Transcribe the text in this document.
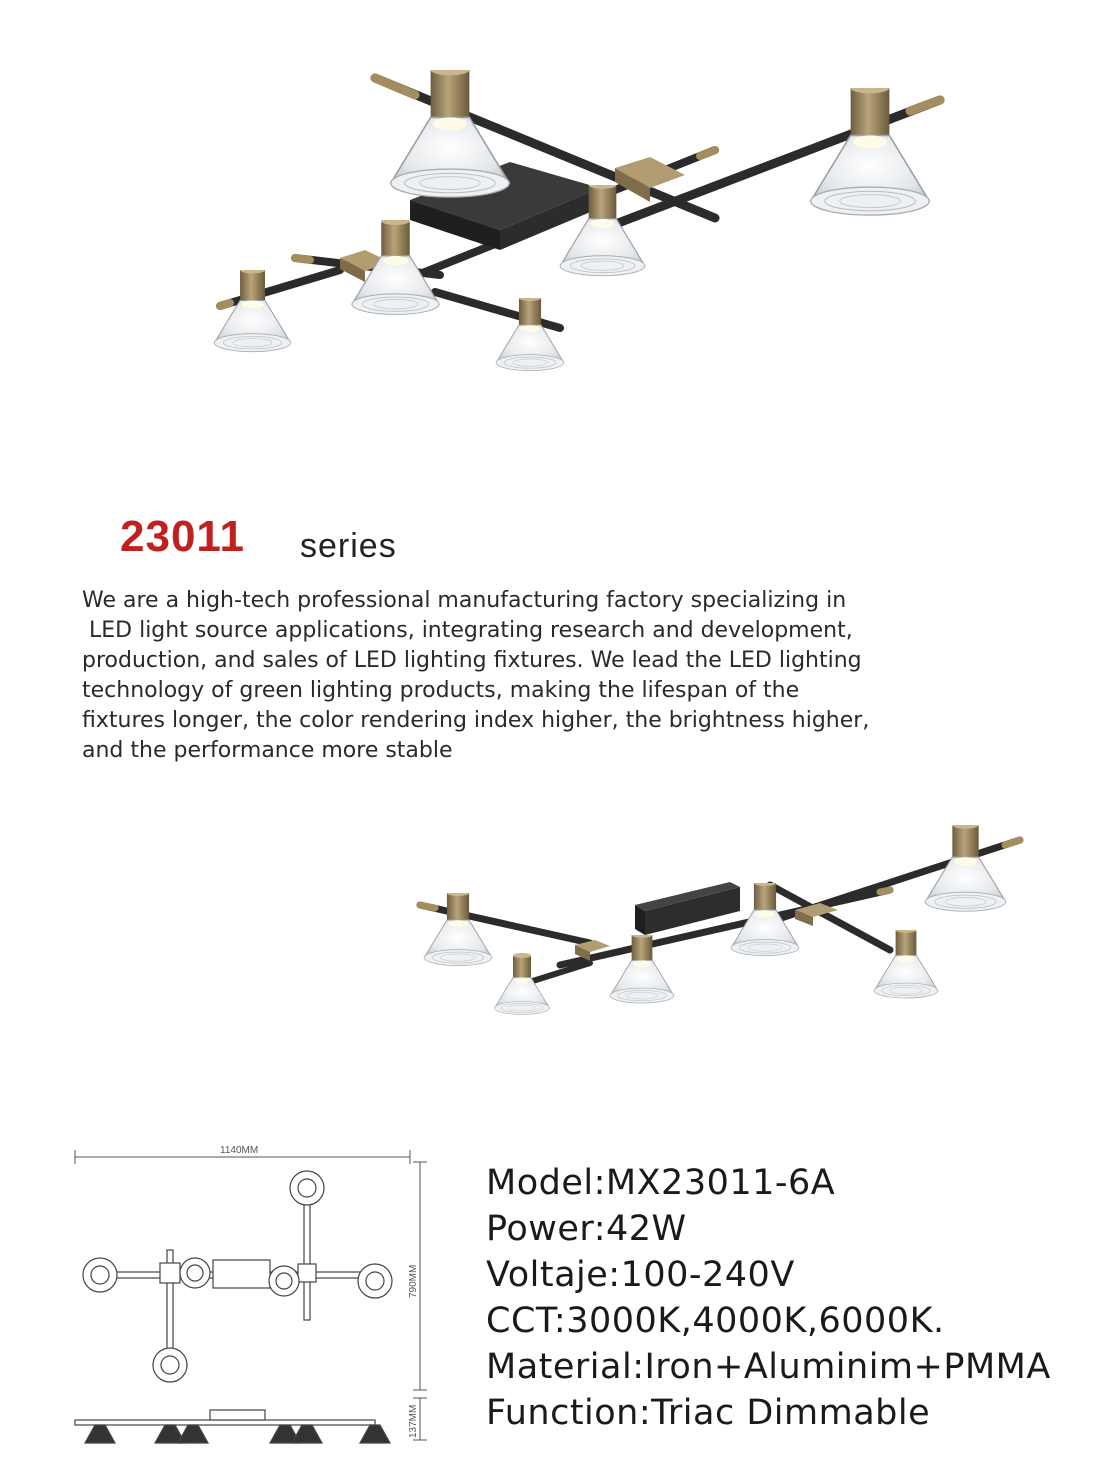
23011 series
We are a high-tech professional manufacturing factory specializing in
LED light source applications, integrating research and development,
production, and sales of LED lighting fixtures. We lead the LED lighting
technology of green lighting products, making the lifespan of the
fixtures longer, the color rendering index higher, the brightness higher,
and the performance more stable
1140MM
790MM
137MM
Model:MX23011-6A
Power:42W
Voltaje:100-240V
CCT:3000K,4000K,6000K.
Material:Iron+Aluminim+PMMA
Function:Triac Dimmable
